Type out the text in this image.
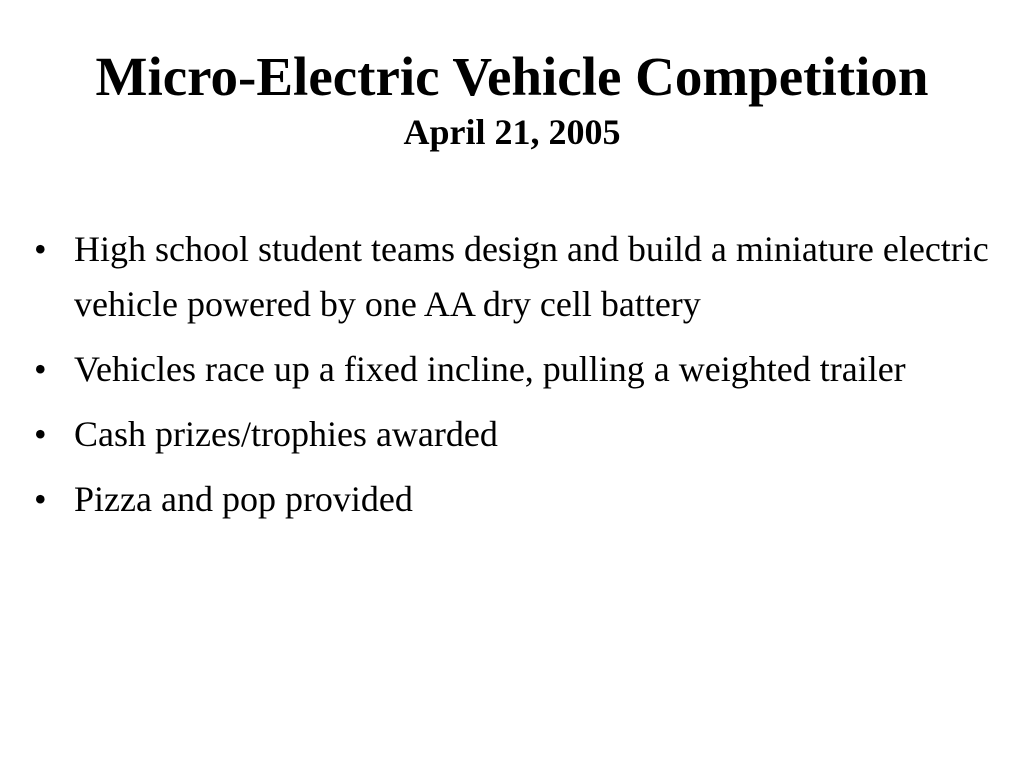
Micro-Electric Vehicle Competition
April 21, 2005
• High school student teams design and build a miniature electric vehicle powered by one AA dry cell battery
• Vehicles race up a fixed incline, pulling a weighted trailer
• Cash prizes/trophies awarded
• Pizza and pop provided
